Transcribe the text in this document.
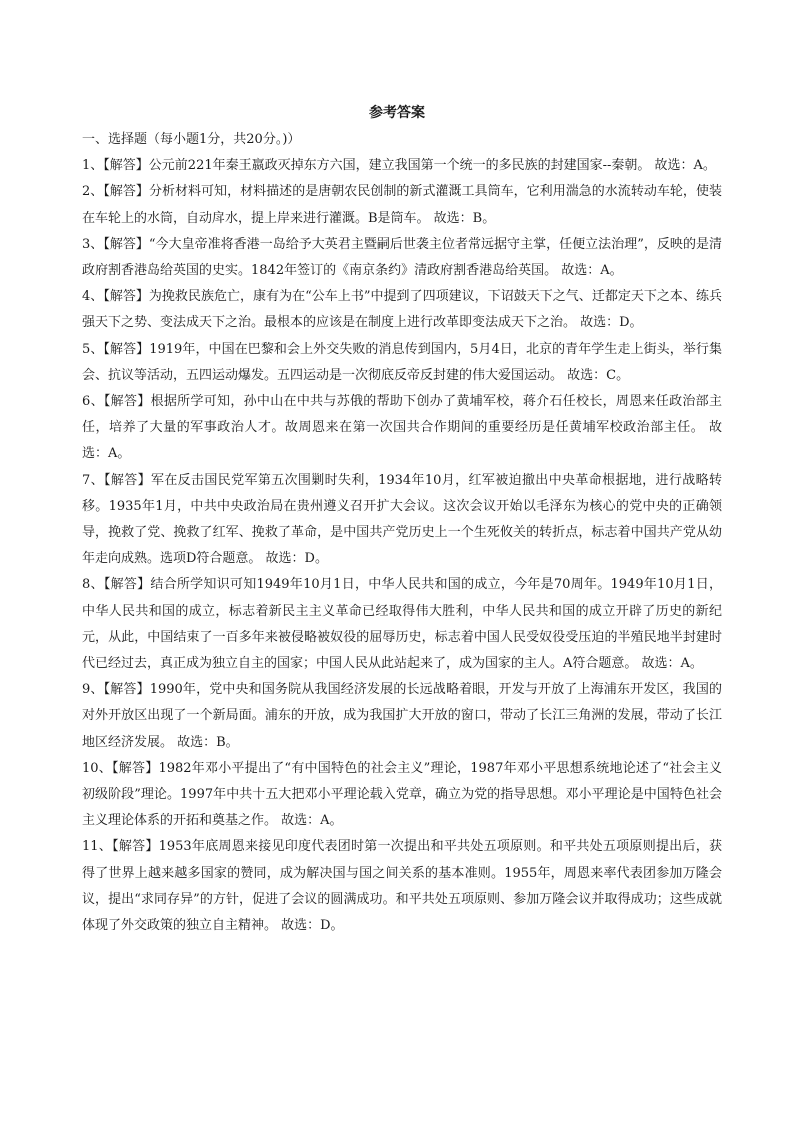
参考答案

一、选择题（每小题1分，共20分。)）

1、【解答】公元前221年秦王嬴政灭掉东方六国，建立我国第一个统一的多民族的封建国家--秦朝。 故选：A。

2、【解答】分析材料可知，材料描述的是唐朝农民创制的新式灌溉工具筒车，它利用湍急的水流转动车轮，使装在车轮上的水筒，自动戽水，提上岸来进行灌溉。B是筒车。 故选：B。

3、【解答】“今大皇帝准将香港一岛给予大英君主暨嗣后世袭主位者常远据守主掌，任便立法治理”，反映的是清政府割香港岛给英国的史实。1842年签订的《南京条约》清政府割香港岛给英国。 故选：A。

4、【解答】为挽救民族危亡，康有为在“公车上书”中提到了四项建议，下诏鼓天下之气、迁都定天下之本、练兵强天下之势、变法成天下之治。最根本的应该是在制度上进行改革即变法成天下之治。 故选：D。

5、【解答】1919年，中国在巴黎和会上外交失败的消息传到国内，5月4日，北京的青年学生走上街头，举行集会、抗议等活动，五四运动爆发。五四运动是一次彻底反帝反封建的伟大爱国运动。 故选：C。

6、【解答】根据所学可知，孙中山在中共与苏俄的帮助下创办了黄埔军校，蒋介石任校长，周恩来任政治部主任，培养了大量的军事政治人才。故周恩来在第一次国共合作期间的重要经历是任黄埔军校政治部主任。 故选：A。

7、【解答】军在反击国民党军第五次围剿时失利，1934年10月，红军被迫撤出中央革命根据地，进行战略转移。1935年1月，中共中央政治局在贵州遵义召开扩大会议。这次会议开始以毛泽东为核心的党中央的正确领导，挽救了党、挽救了红军、挽救了革命，是中国共产党历史上一个生死攸关的转折点，标志着中国共产党从幼年走向成熟。选项D符合题意。 故选：D。

8、【解答】结合所学知识可知1949年10月1日，中华人民共和国的成立，今年是70周年。1949年10月1日，中华人民共和国的成立，标志着新民主主义革命已经取得伟大胜利，中华人民共和国的成立开辟了历史的新纪元，从此，中国结束了一百多年来被侵略被奴役的屈辱历史，标志着中国人民受奴役受压迫的半殖民地半封建时代已经过去，真正成为独立自主的国家；中国人民从此站起来了，成为国家的主人。A符合题意。 故选：A。

9、【解答】1990年，党中央和国务院从我国经济发展的长远战略着眼，开发与开放了上海浦东开发区，我国的对外开放区出现了一个新局面。浦东的开放，成为我国扩大开放的窗口，带动了长江三角洲的发展，带动了长江地区经济发展。 故选：B。

10、【解答】1982年邓小平提出了“有中国特色的社会主义”理论，1987年邓小平思想系统地论述了“社会主义初级阶段”理论。1997年中共十五大把邓小平理论载入党章，确立为党的指导思想。邓小平理论是中国特色社会主义理论体系的开拓和奠基之作。 故选：A。

11、【解答】1953年底周恩来接见印度代表团时第一次提出和平共处五项原则。和平共处五项原则提出后，获得了世界上越来越多国家的赞同，成为解决国与国之间关系的基本准则。1955年，周恩来率代表团参加万隆会议，提出“求同存异”的方针，促进了会议的圆满成功。和平共处五项原则、参加万隆会议并取得成功；这些成就体现了外交政策的独立自主精神。 故选：D。
